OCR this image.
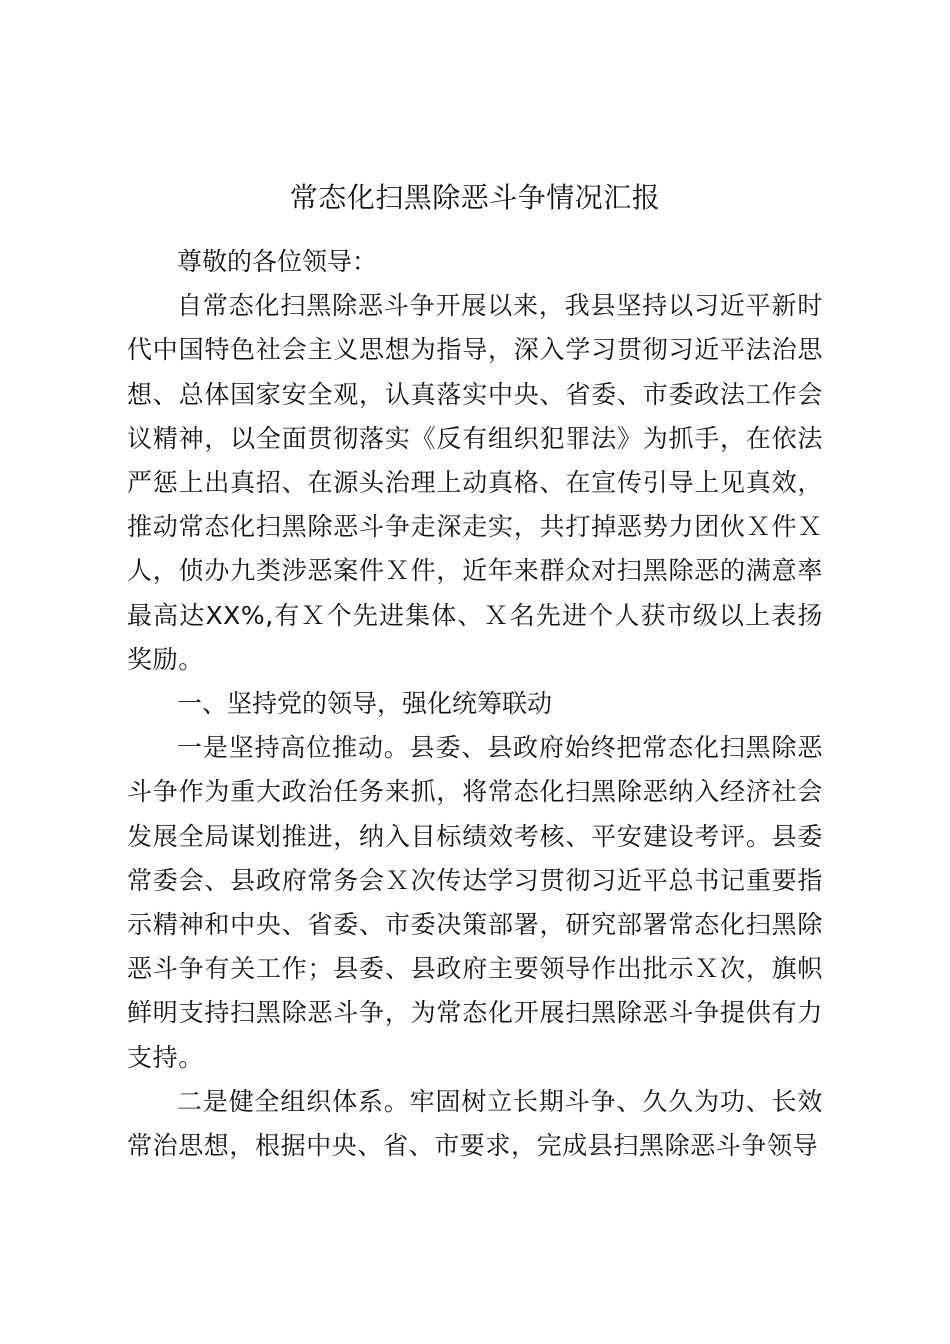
常态化扫黑除恶斗争情况汇报

尊敬的各位领导：

自常态化扫黑除恶斗争开展以来，我县坚持以习近平新时代中国特色社会主义思想为指导，深入学习贯彻习近平法治思想、总体国家安全观，认真落实中央、省委、市委政法工作会议精神，以全面贯彻落实《反有组织犯罪法》为抓手，在依法严惩上出真招、在源头治理上动真格、在宣传引导上见真效，推动常态化扫黑除恶斗争走深走实，共打掉恶势力团伙Ｘ件Ｘ人，侦办九类涉恶案件Ｘ件，近年来群众对扫黑除恶的满意率最高达XX%,有Ｘ个先进集体、Ｘ名先进个人获市级以上表扬奖励。

一、坚持党的领导，强化统筹联动

一是坚持高位推动。县委、县政府始终把常态化扫黑除恶斗争作为重大政治任务来抓，将常态化扫黑除恶纳入经济社会发展全局谋划推进，纳入目标绩效考核、平安建设考评。县委常委会、县政府常务会Ｘ次传达学习贯彻习近平总书记重要指示精神和中央、省委、市委决策部署，研究部署常态化扫黑除恶斗争有关工作；县委、县政府主要领导作出批示Ｘ次，旗帜鲜明支持扫黑除恶斗争，为常态化开展扫黑除恶斗争提供有力支持。

二是健全组织体系。牢固树立长期斗争、久久为功、长效常治思想，根据中央、省、市要求，完成县扫黑除恶斗争领导
